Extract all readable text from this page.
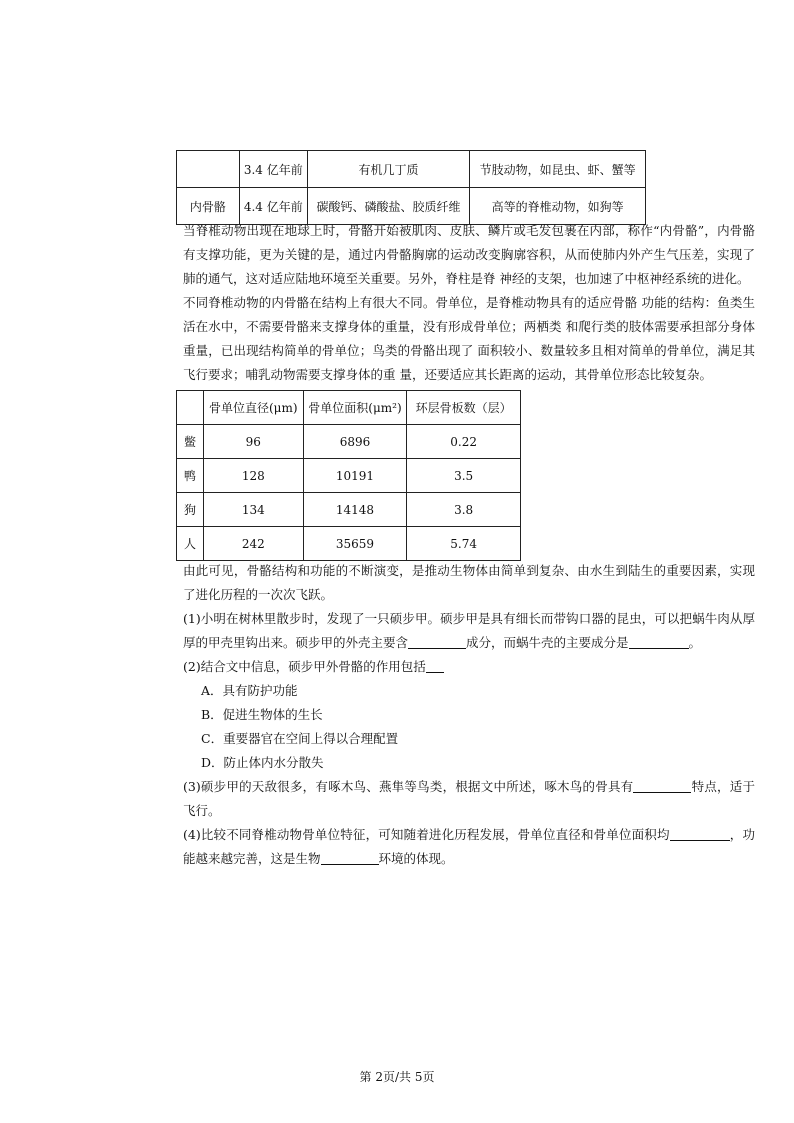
	3.4 亿年前	有机几丁质	节肢动物，如昆虫、虾、蟹等
内骨骼	4.4 亿年前	碳酸钙、磷酸盐、胶质纤维	高等的脊椎动物，如狗等

当脊椎动物出现在地球上时，骨骼开始被肌肉、皮肤、鳞片或毛发包裹在内部，称作“内骨骼”，内骨骼有支撑功能，更为关键的是，通过内骨骼胸廓的运动改变胸廓容积，从而使肺内外产生气压差，实现了肺的通气，这对适应陆地环境至关重要。另外，脊柱是脊 神经的支架，也加速了中枢神经系统的进化。

不同脊椎动物的内骨骼在结构上有很大不同。骨单位，是脊椎动物具有的适应骨骼 功能的结构：鱼类生活在水中，不需要骨骼来支撑身体的重量，没有形成骨单位；两栖类 和爬行类的肢体需要承担部分身体重量，已出现结构简单的骨单位；鸟类的骨骼出现了 面积较小、数量较多且相对简单的骨单位，满足其飞行要求；哺乳动物需要支撑身体的重 量，还要适应其长距离的运动，其骨单位形态比较复杂。

	骨单位直径(μm)	骨单位面积(μm²)	环层骨板数（层）
鳖	96	6896	0.22
鸭	128	10191	3.5
狗	134	14148	3.8
人	242	35659	5.74

由此可见，骨骼结构和功能的不断演变，是推动生物体由简单到复杂、由水生到陆生的重要因素，实现了进化历程的一次次飞跃。

(1)小明在树林里散步时，发现了一只硕步甲。硕步甲是具有细长而带钩口器的昆虫，可以把蜗牛肉从厚厚的甲壳里钩出来。硕步甲的外壳主要含	成分，而蜗牛壳的主要成分是	。

(2)结合文中信息，硕步甲外骨骼的作用包括

A．具有防护功能

B．促进生物体的生长

C．重要器官在空间上得以合理配置

D．防止体内水分散失

(3)硕步甲的天敌很多，有啄木鸟、燕隼等鸟类，根据文中所述，啄木鸟的骨具有	特点，适于飞行。

(4)比较不同脊椎动物骨单位特征，可知随着进化历程发展，骨单位直径和骨单位面积均	，功能越来越完善，这是生物	环境的体现。

第 2页/共 5页
